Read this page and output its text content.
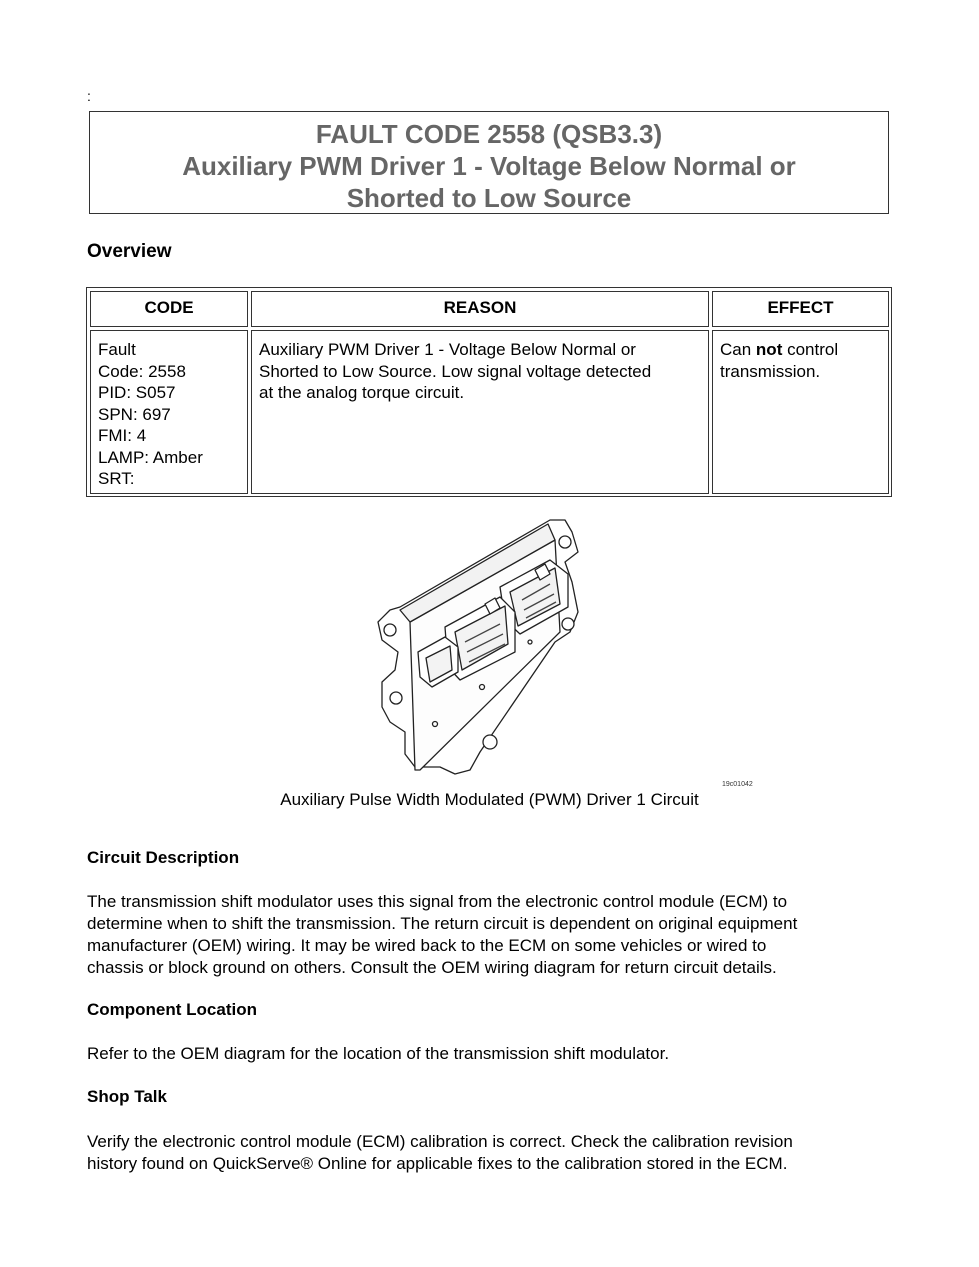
:
FAULT CODE 2558 (QSB3.3)
Auxiliary PWM Driver 1 - Voltage Below Normal or
Shorted to Low Source
Overview
CODE	REASON	EFFECT
Fault
Code: 2558
PID: S057
SPN: 697
FMI: 4
LAMP: Amber
SRT:
Auxiliary PWM Driver 1 - Voltage Below Normal or
Shorted to Low Source. Low signal voltage detected
at the analog torque circuit.
Can not control
transmission.
19c01042
Auxiliary Pulse Width Modulated (PWM) Driver 1 Circuit
Circuit Description

The transmission shift modulator uses this signal from the electronic control module (ECM) to
determine when to shift the transmission. The return circuit is dependent on original equipment
manufacturer (OEM) wiring. It may be wired back to the ECM on some vehicles or wired to
chassis or block ground on others. Consult the OEM wiring diagram for return circuit details.

Component Location

Refer to the OEM diagram for the location of the transmission shift modulator.

Shop Talk

Verify the electronic control module (ECM) calibration is correct. Check the calibration revision
history found on QuickServe® Online for applicable fixes to the calibration stored in the ECM.
